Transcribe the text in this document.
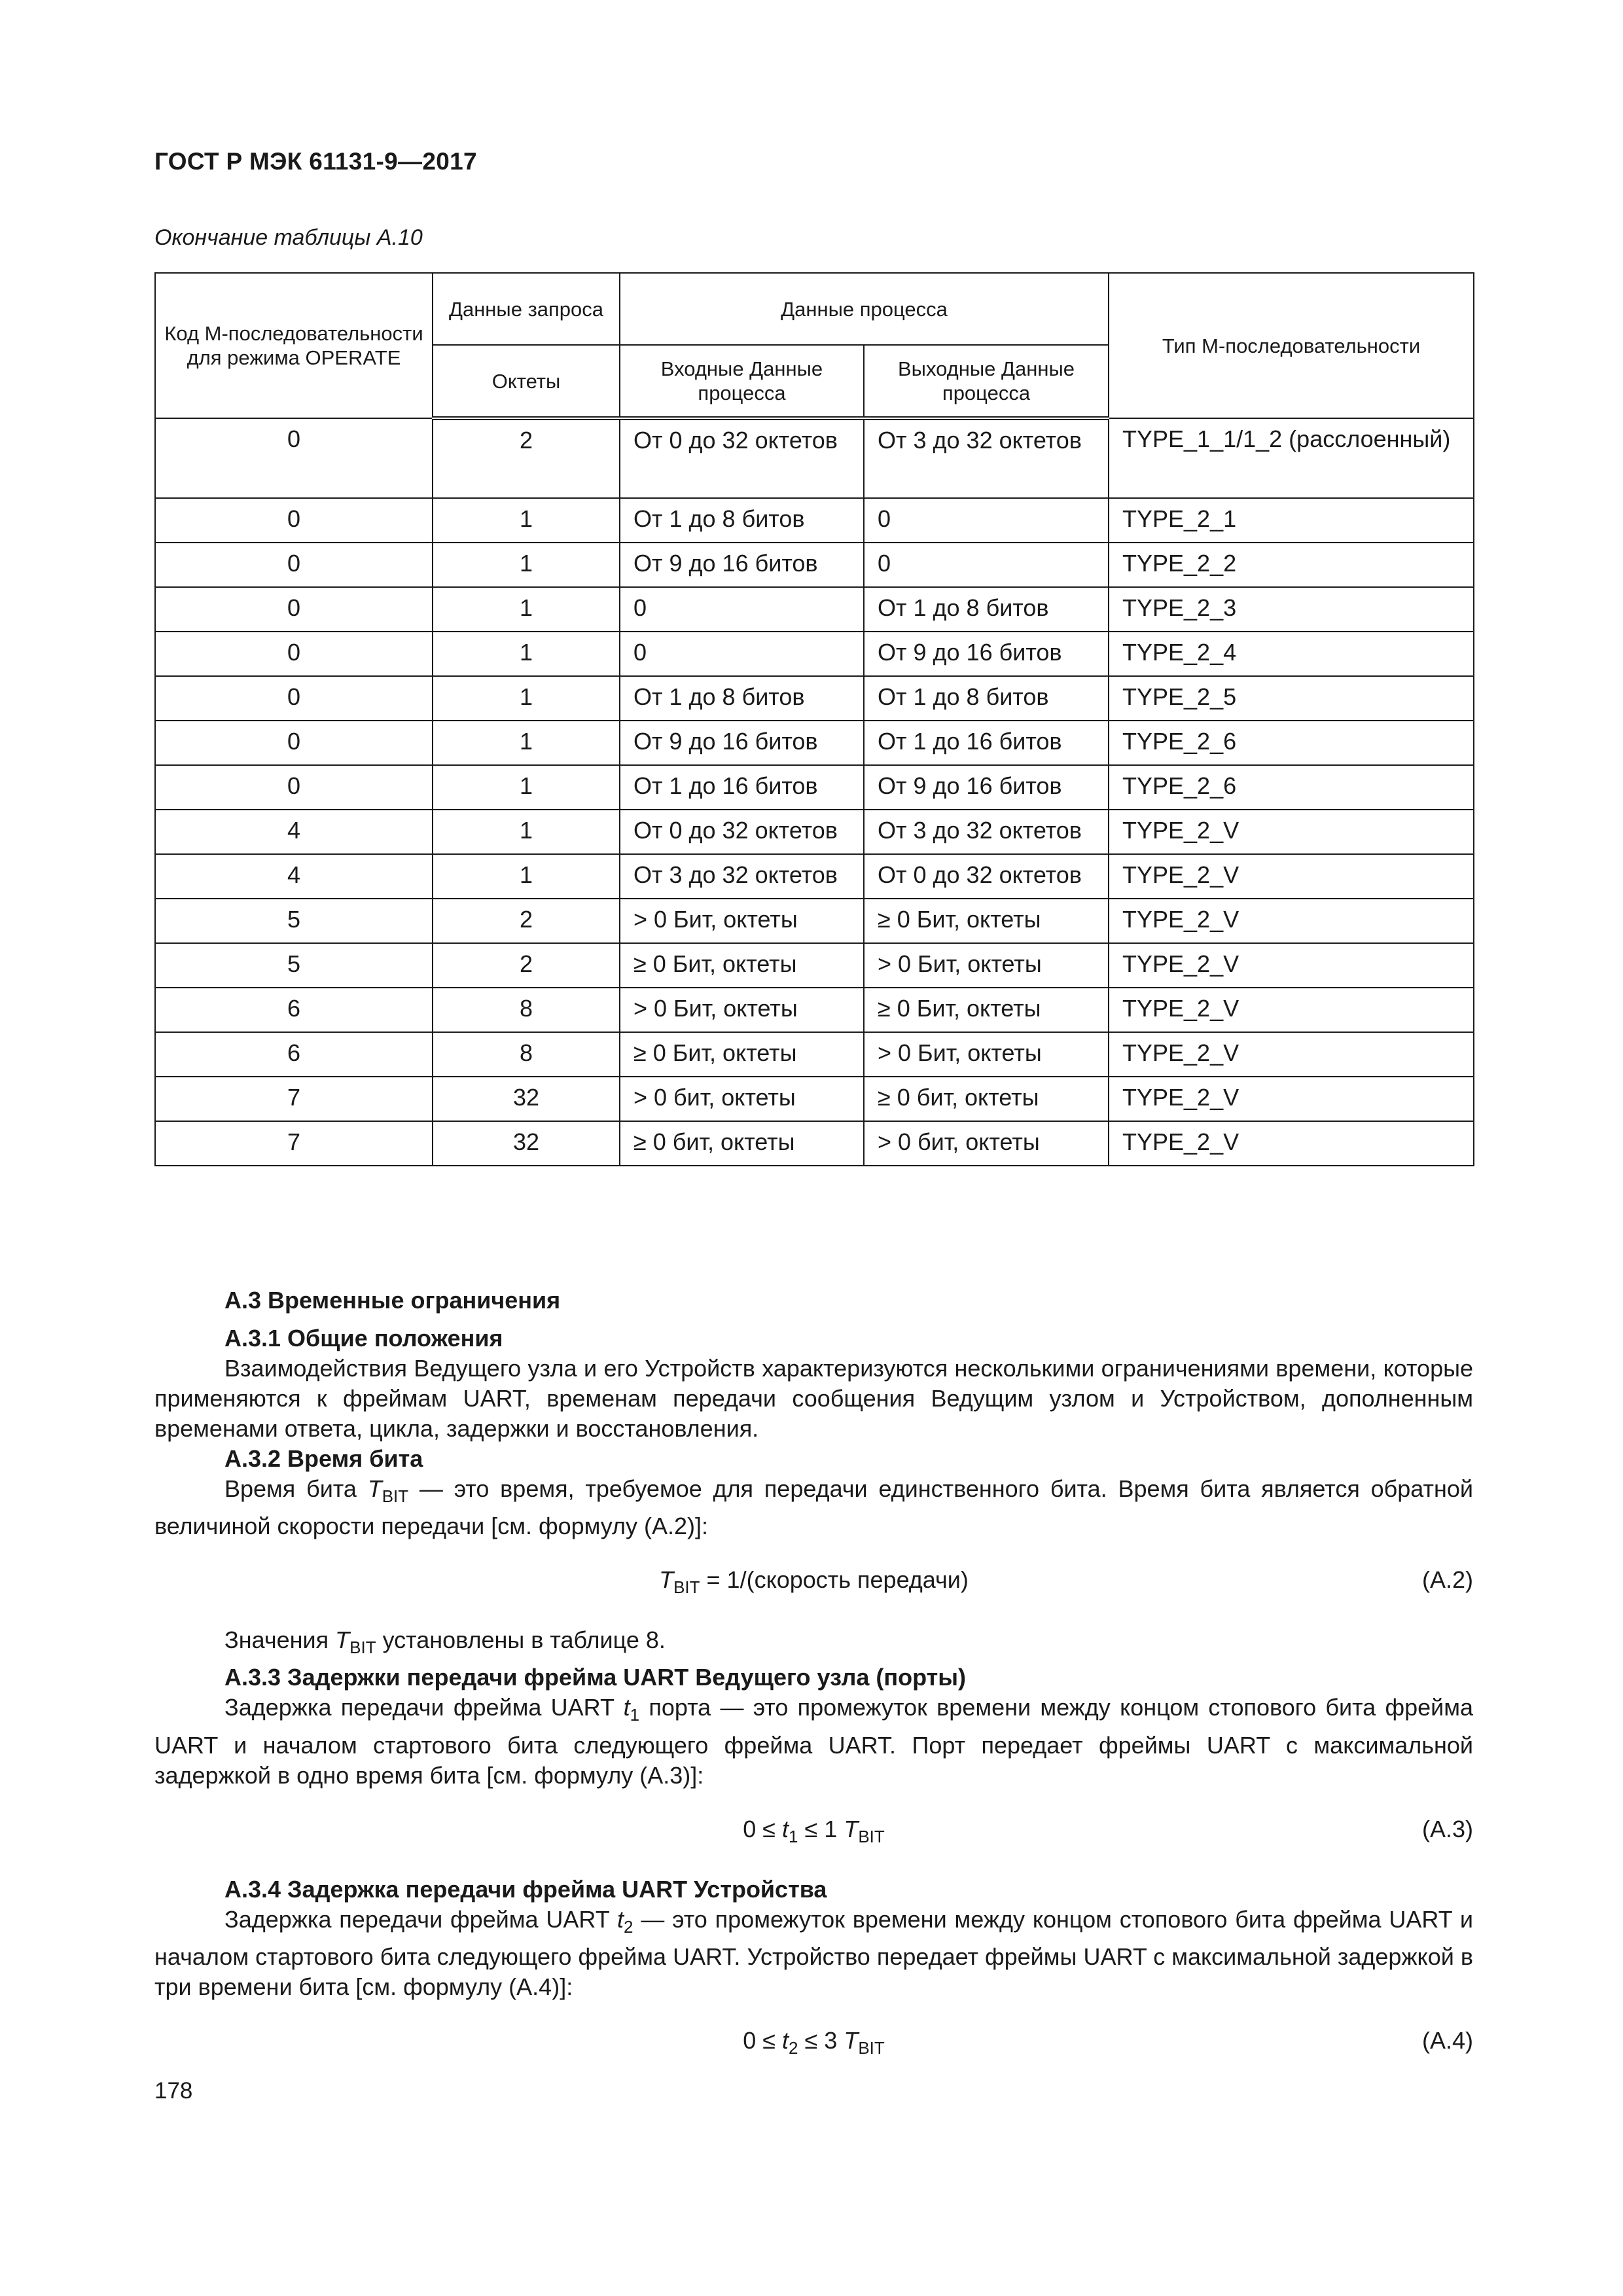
ГОСТ Р МЭК 61131-9—2017
Окончание таблицы А.10
Код М-последовательности для режима OPERATE	Данные запроса	Данные процесса		Тип М-последовательности
	Октеты	Входные Данные процесса	Выходные Данные процесса	
0	2	От 0 до 32 октетов	От 3 до 32 октетов	TYPE_1_1/1_2 (расслоенный)
0	1	От 1 до 8 битов	0	TYPE_2_1
0	1	От 9 до 16 битов	0	TYPE_2_2
0	1	0	От 1 до 8 битов	TYPE_2_3
0	1	0	От 9 до 16 битов	TYPE_2_4
0	1	От 1 до 8 битов	От 1 до 8 битов	TYPE_2_5
0	1	От 9 до 16 битов	От 1 до 16 битов	TYPE_2_6
0	1	От 1 до 16 битов	От 9 до 16 битов	TYPE_2_6
4	1	От 0 до 32 октетов	От 3 до 32 октетов	TYPE_2_V
4	1	От 3 до 32 октетов	От 0 до 32 октетов	TYPE_2_V
5	2	> 0 Бит, октеты	≥ 0 Бит, октеты	TYPE_2_V
5	2	≥ 0 Бит, октеты	> 0 Бит, октеты	TYPE_2_V
6	8	> 0 Бит, октеты	≥ 0 Бит, октеты	TYPE_2_V
6	8	≥ 0 Бит, октеты	> 0 Бит, октеты	TYPE_2_V
7	32	> 0 бит, октеты	≥ 0 бит, октеты	TYPE_2_V
7	32	≥ 0 бит, октеты	> 0 бит, октеты	TYPE_2_V
А.3 Временные ограничения
А.3.1 Общие положения

Взаимодействия Ведущего узла и его Устройств характеризуются несколькими ограничениями времени, которые применяются к фреймам UART, временам передачи сообщения Ведущим узлом и Устройством, дополненным временами ответа, цикла, задержки и восстановления.

А.3.2 Время бита

Время бита $T_{BIT}$ — это время, требуемое для передачи единственного бита. Время бита является обратной величиной скорости передачи [см. формулу (А.2)]:

$T_{BIT}$ = 1/(скорость передачи)	(А.2)

Значения $T_{BIT}$ установлены в таблице 8.

А.3.3 Задержки передачи фрейма UART Ведущего узла (порты)

Задержка передачи фрейма UART $t_1$ порта — это промежуток времени между концом стопового бита фрейма UART и началом стартового бита следующего фрейма UART. Порт передает фреймы UART с максимальной задержкой в одно время бита [см. формулу (А.3)]:

$0 \le t_1 \le 1$ $T_{BIT}$	(А.3)
А.3.4 Задержка передачи фрейма UART Устройства

Задержка передачи фрейма UART $t_2$ — это промежуток времени между концом стопового бита фрейма UART и началом стартового бита следующего фрейма UART. Устройство передает фреймы UART с максимальной задержкой в три времени бита [см. формулу (А.4)]:

$0 \le t_2 \le 3$ $T_{BIT}$	(А.4)
178
